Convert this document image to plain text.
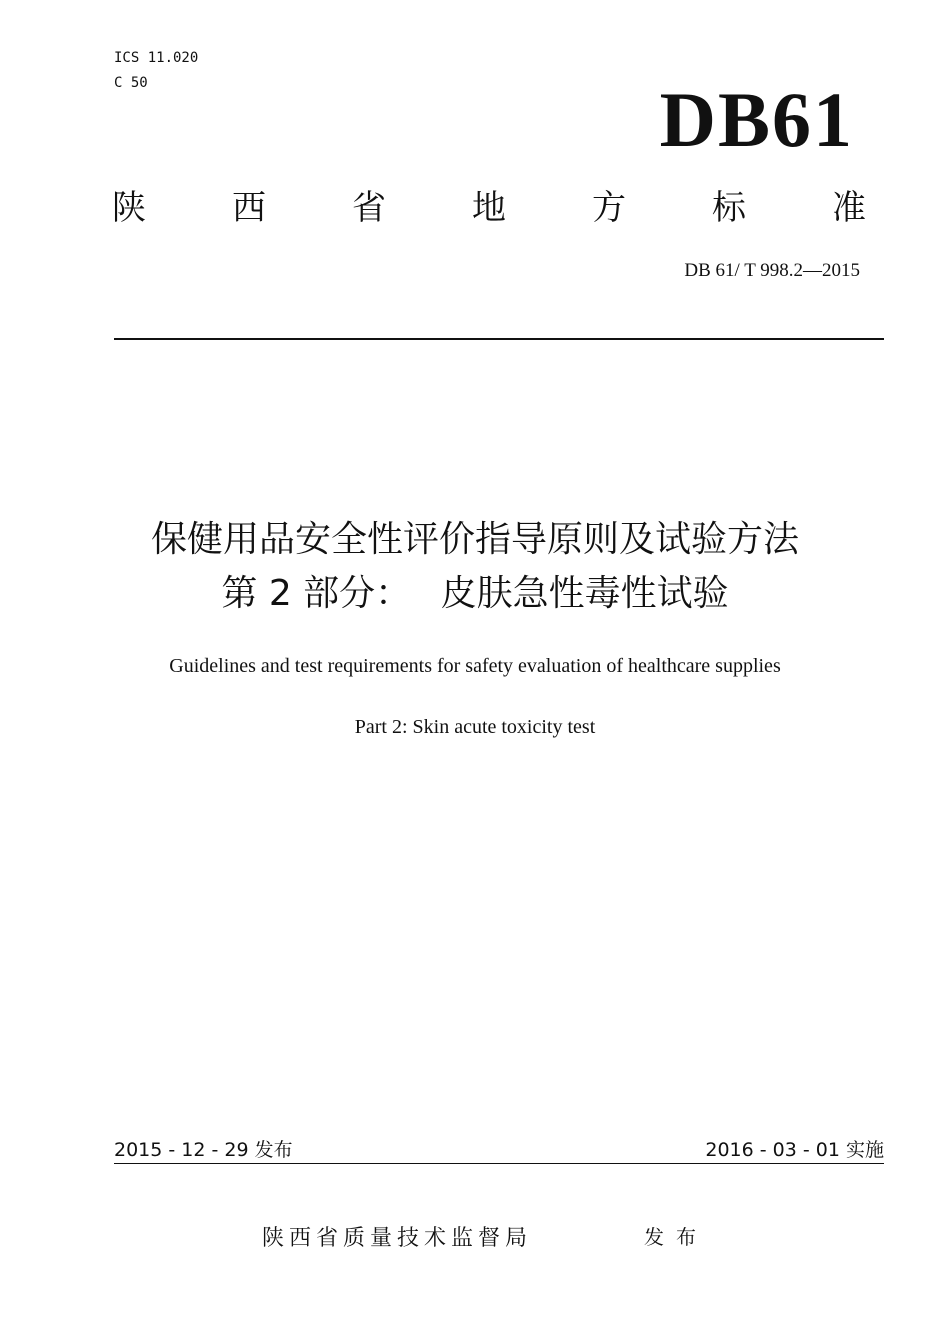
ICS 11.020
C 50	DB61
陕	西	省	地	方	标	准
DB 61/ T 998.2—2015
保健用品安全性评价指导原则及试验方法
第 2 部分：　 皮肤急性毒性试验
Guidelines and test requirements for safety evaluation of healthcare supplies
Part 2: Skin acute toxicity test
2015 - 12 - 29 发布	2016 - 03 - 01 实施
陕西省质量技术监督局	发布
